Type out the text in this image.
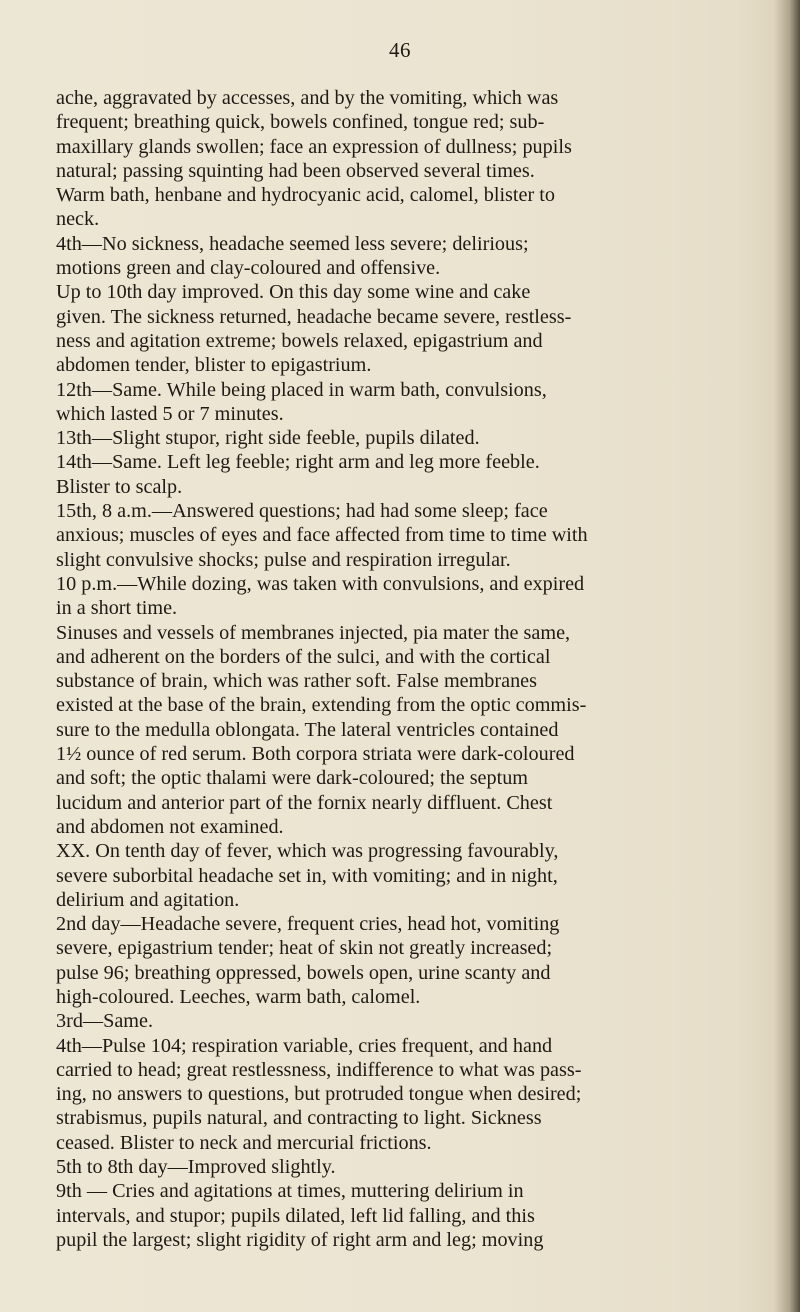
46
ache, aggravated by accesses, and by the vomiting, which was
frequent; breathing quick, bowels confined, tongue red; sub-
maxillary glands swollen; face an expression of dullness; pupils
natural; passing squinting had been observed several times.
Warm bath, henbane and hydrocyanic acid, calomel, blister to
neck.
4th—No sickness, headache seemed less severe; delirious;
motions green and clay-coloured and offensive.
Up to 10th day improved. On this day some wine and cake
given. The sickness returned, headache became severe, restless-
ness and agitation extreme; bowels relaxed, epigastrium and
abdomen tender, blister to epigastrium.
12th—Same. While being placed in warm bath, convulsions,
which lasted 5 or 7 minutes.
13th—Slight stupor, right side feeble, pupils dilated.
14th—Same. Left leg feeble; right arm and leg more feeble.
Blister to scalp.
15th, 8 a.m.—Answered questions; had had some sleep; face
anxious; muscles of eyes and face affected from time to time with
slight convulsive shocks; pulse and respiration irregular.
10 p.m.—While dozing, was taken with convulsions, and expired
in a short time.
Sinuses and vessels of membranes injected, pia mater the same,
and adherent on the borders of the sulci, and with the cortical
substance of brain, which was rather soft. False membranes
existed at the base of the brain, extending from the optic commis-
sure to the medulla oblongata. The lateral ventricles contained
1½ ounce of red serum. Both corpora striata were dark-coloured
and soft; the optic thalami were dark-coloured; the septum
lucidum and anterior part of the fornix nearly diffluent. Chest
and abdomen not examined.
XX. On tenth day of fever, which was progressing favourably,
severe suborbital headache set in, with vomiting; and in night,
delirium and agitation.
2nd day—Headache severe, frequent cries, head hot, vomiting
severe, epigastrium tender; heat of skin not greatly increased;
pulse 96; breathing oppressed, bowels open, urine scanty and
high-coloured. Leeches, warm bath, calomel.
3rd—Same.
4th—Pulse 104; respiration variable, cries frequent, and hand
carried to head; great restlessness, indifference to what was pass-
ing, no answers to questions, but protruded tongue when desired;
strabismus, pupils natural, and contracting to light. Sickness
ceased. Blister to neck and mercurial frictions.
5th to 8th day—Improved slightly.
9th — Cries and agitations at times, muttering delirium in
intervals, and stupor; pupils dilated, left lid falling, and this
pupil the largest; slight rigidity of right arm and leg; moving
